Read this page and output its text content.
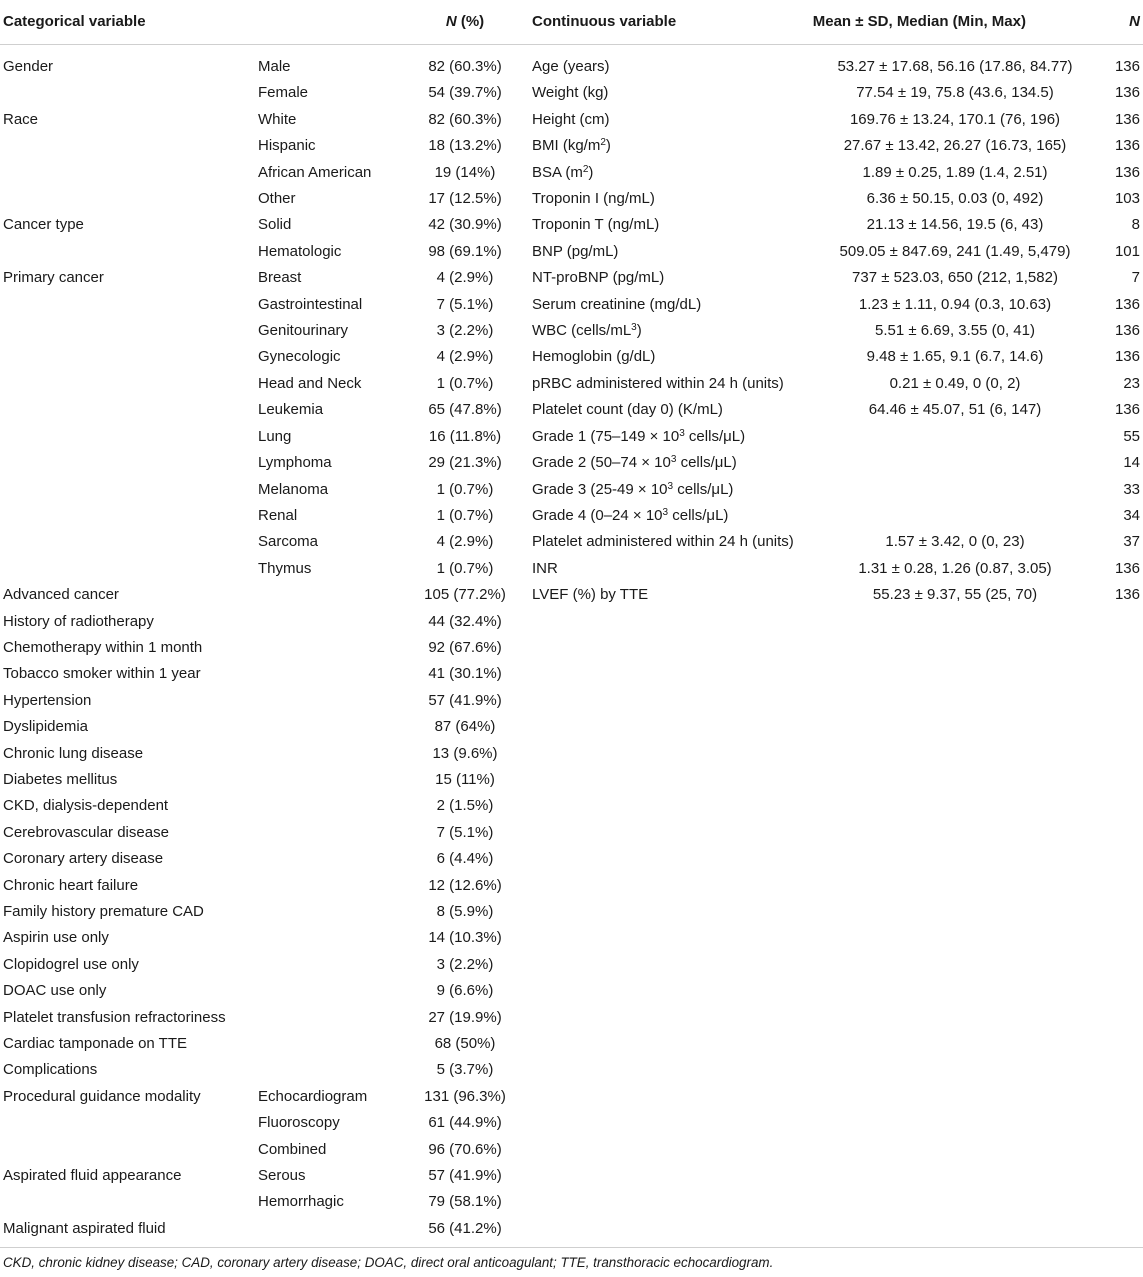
Categorical variable		N (%)	Continuous variable	Mean ± SD, Median (Min, Max)	N

Gender	Male	82 (60.3%)	Age (years)	53.27 ± 17.68, 56.16 (17.86, 84.77)	136
	Female	54 (39.7%)	Weight (kg)	77.54 ± 19, 75.8 (43.6, 134.5)	136
Race	White	82 (60.3%)	Height (cm)	169.76 ± 13.24, 170.1 (76, 196)	136
	Hispanic	18 (13.2%)	BMI $(kg/m^2)$	27.67 ± 13.42, 26.27 (16.73, 165)	136
	African American	19 (14%)	BSA $(m^2)$	1.89 ± 0.25, 1.89 (1.4, 2.51)	136
	Other	17 (12.5%)	Troponin I (ng/mL)	6.36 ± 50.15, 0.03 (0, 492)	103
Cancer type	Solid	42 (30.9%)	Troponin T (ng/mL)	21.13 ± 14.56, 19.5 (6, 43)	8
	Hematologic	98 (69.1%)	BNP (pg/mL)	509.05 ± 847.69, 241 (1.49, 5,479)	101
Primary cancer	Breast	4 (2.9%)	NT-proBNP (pg/mL)	737 ± 523.03, 650 (212, 1,582)	7
	Gastrointestinal	7 (5.1%)	Serum creatinine (mg/dL)	1.23 ± 1.11, 0.94 (0.3, 10.63)	136
	Genitourinary	3 (2.2%)	WBC $(cells/mL^3)$	5.51 ± 6.69, 3.55 (0, 41)	136
	Gynecologic	4 (2.9%)	Hemoglobin (g/dL)	9.48 ± 1.65, 9.1 (6.7, 14.6)	136
	Head and Neck	1 (0.7%)	pRBC administered within 24 h (units)	0.21 ± 0.49, 0 (0, 2)	23
	Leukemia	65 (47.8%)	Platelet count (day 0) (K/mL)	64.46 ± 45.07, 51 (6, 147)	136
	Lung	16 (11.8%)	Grade 1 ($75-149 \times 10^3$ cells/μL)		55
	Lymphoma	29 (21.3%)	Grade 2 ($50-74 \times 10^3$ cells/μL)		14
	Melanoma	1 (0.7%)	Grade 3 ($25-49 \times 10^3$ cells/μL)		33
	Renal	1 (0.7%)	Grade 4 ($0-24 \times 10^3$ cells/μL)		34
	Sarcoma	4 (2.9%)	Platelet administered within 24 h (units)	1.57 ± 3.42, 0 (0, 23)	37
	Thymus	1 (0.7%)	INR	1.31 ± 0.28, 1.26 (0.87, 3.05)	136
Advanced cancer		105 (77.2%)	LVEF (%) by TTE	55.23 ± 9.37, 55 (25, 70)	136
History of radiotherapy		44 (32.4%)			
Chemotherapy within 1 month		92 (67.6%)			
Tobacco smoker within 1 year		41 (30.1%)			
Hypertension		57 (41.9%)			
Dyslipidemia		87 (64%)			
Chronic lung disease		13 (9.6%)			
Diabetes mellitus		15 (11%)			
CKD, dialysis-dependent		2 (1.5%)			
Cerebrovascular disease		7 (5.1%)			
Coronary artery disease		6 (4.4%)			
Chronic heart failure		12 (12.6%)			
Family history premature CAD		8 (5.9%)			
Aspirin use only		14 (10.3%)			
Clopidogrel use only		3 (2.2%)			
DOAC use only		9 (6.6%)			
Platelet transfusion refractoriness		27 (19.9%)			
Cardiac tamponade on TTE		68 (50%)			
Complications		5 (3.7%)			
Procedural guidance modality	Echocardiogram	131 (96.3%)			
	Fluoroscopy	61 (44.9%)			
	Combined	96 (70.6%)			
Aspirated fluid appearance	Serous	57 (41.9%)			
	Hemorrhagic	79 (58.1%)			
Malignant aspirated fluid		56 (41.2%)			
CKD, chronic kidney disease; CAD, coronary artery disease; DOAC, direct oral anticoagulant; TTE, transthoracic echocardiogram.
